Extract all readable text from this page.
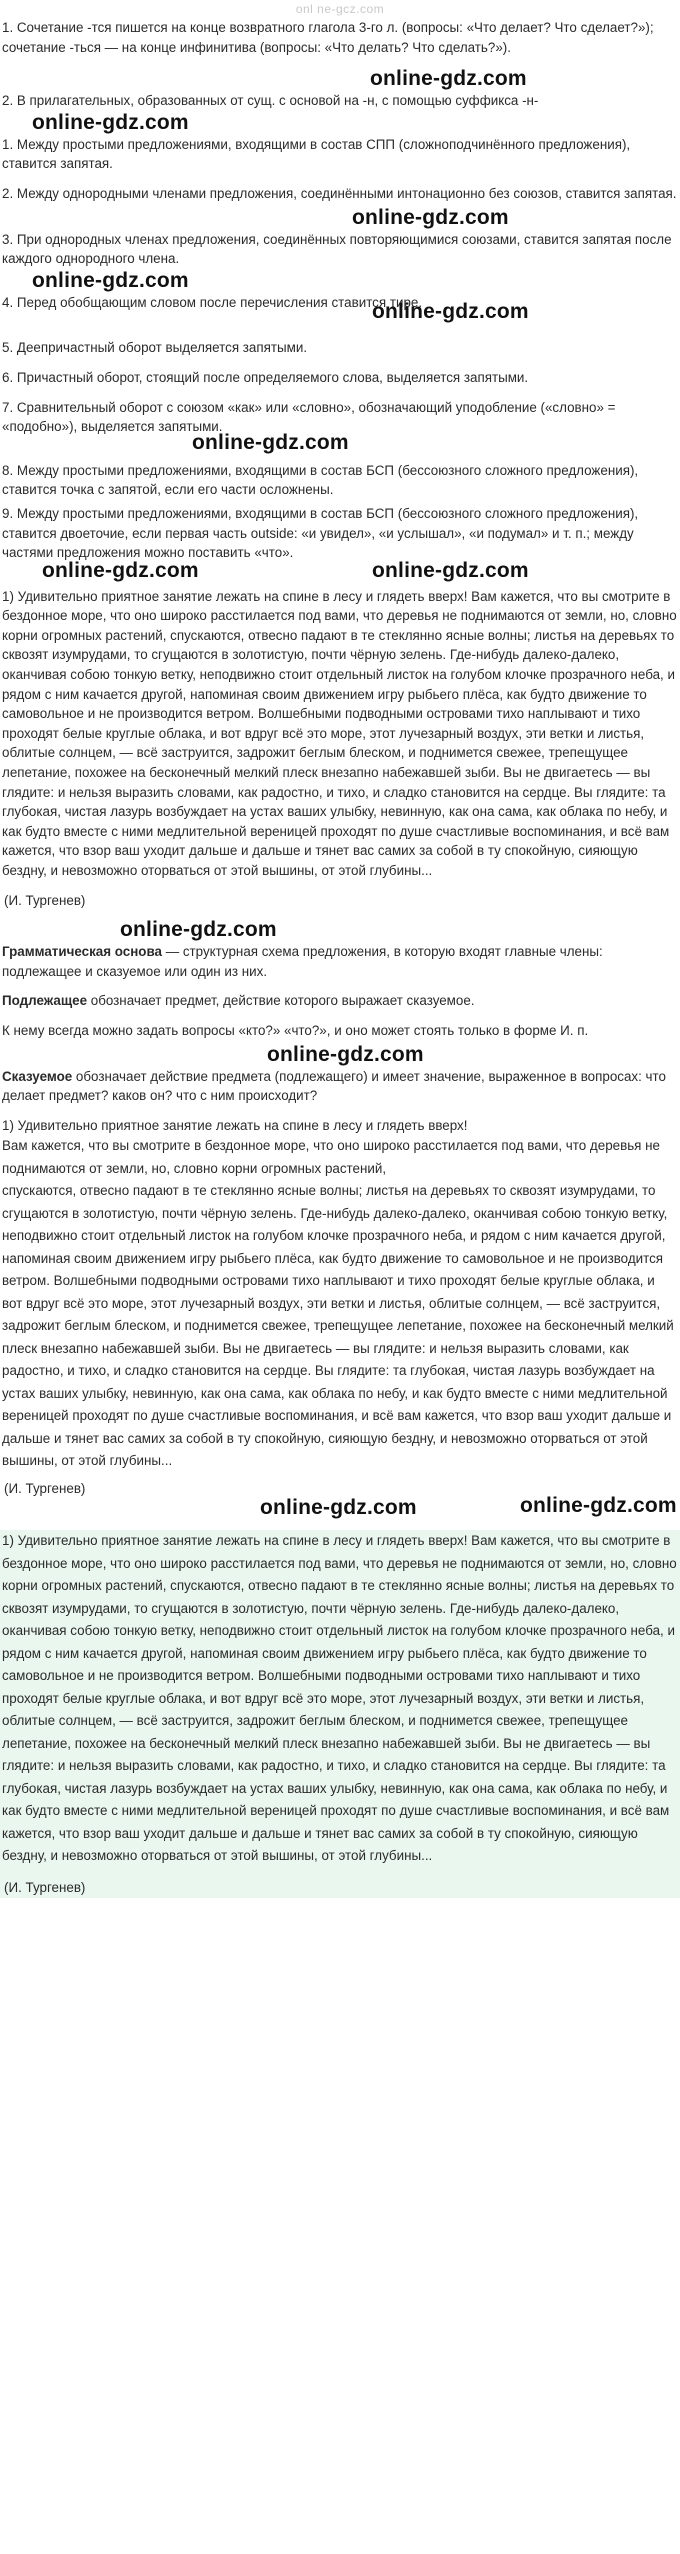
onl ne-gcz.com

1. Сочетание -тся пишется на конце возвратного глагола 3-го л. (вопросы: «Что делает? Что сделает?»); сочетание -ться — на конце инфинитива (вопросы: «Что делать? Что сделать?»).

online-gdz.com

2. В прилагательных, образованных от сущ. с основой на -н, с помощью суффикса -н-

online-gdz.com

1. Между простыми предложениями, входящими в состав СПП (сложноподчинённого предложения), ставится запятая.

2. Между однородными членами предложения, соединёнными интонационно без союзов, ставится запятая.

online-gdz.com

3. При однородных членах предложения, соединённых повторяющимися союзами, ставится запятая после каждого однородного члена.

online-gdz.com

4. Перед обобщающим словом после перечисления ставится тире.

online-gdz.com

5. Деепричастный оборот выделяется запятыми.

6. Причастный оборот, стоящий после определяемого слова, выделяется запятыми.

7. Сравнительный оборот с союзом «как» или «словно», обозначающий уподобление («словно» = «подобно»), выделяется запятыми.

online-gdz.com

8. Между простыми предложениями, входящими в состав БСП (бессоюзного сложного предложения), ставится точка с запятой, если его части осложнены.

9. Между простыми предложениями, входящими в состав БСП (бессоюзного сложного предложения), ставится двоеточие, если первая часть outside: «и увидел», «и услышал», «и подумал» и т. п.; между частями предложения можно поставить «что».

online-gdz.com	online-gdz.com

1) Удивительно приятное занятие лежать на спине в лесу и глядеть вверх! Вам кажется, что вы смотрите в бездонное море, что оно широко расстилается под вами, что деревья не поднимаются от земли, но, словно корни огромных растений, спускаются, отвесно падают в те стеклянно ясные волны; листья на деревьях то сквозят изумрудами, то сгущаются в золотистую, почти чёрную зелень. Где-нибудь далеко-далеко, оканчивая собою тонкую ветку, неподвижно стоит отдельный листок на голубом клочке прозрачного неба, и рядом с ним качается другой, напоминая своим движением игру рыбьего плёса, как будто движение то самовольное и не производится ветром. Волшебными подводными островами тихо наплывают и тихо проходят белые круглые облака, и вот вдруг всё это море, этот лучезарный воздух, эти ветки и листья, облитые солнцем, — всё заструится, задрожит беглым блеском, и поднимется свежее, трепещущее лепетание, похожее на бесконечный мелкий плеск внезапно набежавшей зыби. Вы не двигаетесь — вы глядите: и нельзя выразить словами, как радостно, и тихо, и сладко становится на сердце. Вы глядите: та глубокая, чистая лазурь возбуждает на устах ваших улыбку, невинную, как она сама, как облака по небу, и как будто вместе с ними медлительной вереницей проходят по душе счастливые воспоминания, и всё вам кажется, что взор ваш уходит дальше и дальше и тянет вас самих за собой в ту спокойную, сияющую бездну, и невозможно оторваться от этой вышины, от этой глубины...

(И. Тургенев)

online-gdz.com

Грамматическая основа — структурная схема предложения, в которую входят главные члены: подлежащее и сказуемое или один из них.

Подлежащее обозначает предмет, действие которого выражает сказуемое.

К нему всегда можно задать вопросы «кто?» «что?», и оно может стоять только в форме И. п.

online-gdz.com

Сказуемое обозначает действие предмета (подлежащего) и имеет значение, выраженное в вопросах: что делает предмет? каков он? что с ним происходит?

1) Удивительно приятное занятие лежать на спине в лесу и глядеть вверх!

Вам кажется, что вы смотрите в бездонное море, что оно широко расстилается под вами, что деревья не поднимаются от земли, но, словно корни огромных растений,

спускаются, отвесно падают в те стеклянно ясные волны; листья на деревьях то сквозят изумрудами, то сгущаются в золотистую, почти чёрную зелень. Где-нибудь далеко-далеко, оканчивая собою тонкую ветку, неподвижно стоит отдельный листок на голубом клочке прозрачного неба, и рядом с ним качается другой, напоминая своим движением игру рыбьего плёса, как будто движение то самовольное и не производится ветром. Волшебными подводными островами тихо наплывают и тихо проходят белые круглые облака, и вот вдруг всё это море, этот лучезарный воздух, эти ветки и листья, облитые солнцем, — всё заструится, задрожит беглым блеском, и поднимется свежее, трепещущее лепетание, похожее на бесконечный мелкий плеск внезапно набежавшей зыби. Вы не двигаетесь — вы глядите: и нельзя выразить словами, как радостно, и тихо, и сладко становится на сердце. Вы глядите: та глубокая, чистая лазурь возбуждает на устах ваших улыбку, невинную, как она сама, как облака по небу, и как будто вместе с ними медлительной вереницей проходят по душе счастливые воспоминания, и всё вам кажется, что взор ваш уходит дальше и дальше и тянет вас самих за собой в ту спокойную, сияющую бездну, и невозможно оторваться от этой вышины, от этой глубины...

(И. Тургенев)

online-gdz.com	online-gdz.com

1) Удивительно приятное занятие лежать на спине в лесу и глядеть вверх! Вам кажется, что вы смотрите в бездонное море, что оно широко расстилается под вами, что деревья не поднимаются от земли, но, словно корни огромных растений, спускаются, отвесно падают в те стеклянно ясные волны; листья на деревьях то сквозят изумрудами, то сгущаются в золотистую, почти чёрную зелень. Где-нибудь далеко-далеко, оканчивая собою тонкую ветку, неподвижно стоит отдельный листок на голубом клочке прозрачного неба, и рядом с ним качается другой, напоминая своим движением игру рыбьего плёса, как будто движение то самовольное и не производится ветром. Волшебными подводными островами тихо наплывают и тихо проходят белые круглые облака, и вот вдруг всё это море, этот лучезарный воздух, эти ветки и листья, облитые солнцем, — всё заструится, задрожит беглым блеском, и поднимется свежее, трепещущее лепетание, похожее на бесконечный мелкий плеск внезапно набежавшей зыби. Вы не двигаетесь — вы глядите: и нельзя выразить словами, как радостно, и тихо, и сладко становится на сердце. Вы глядите: та глубокая, чистая лазурь возбуждает на устах ваших улыбку, невинную, как она сама, как облака по небу, и как будто вместе с ними медлительной вереницей проходят по душе счастливые воспоминания, и всё вам кажется, что взор ваш уходит дальше и дальше и тянет вас самих за собой в ту спокойную, сияющую бездну, и невозможно оторваться от этой вышины, от этой глубины...

(И. Тургенев)
